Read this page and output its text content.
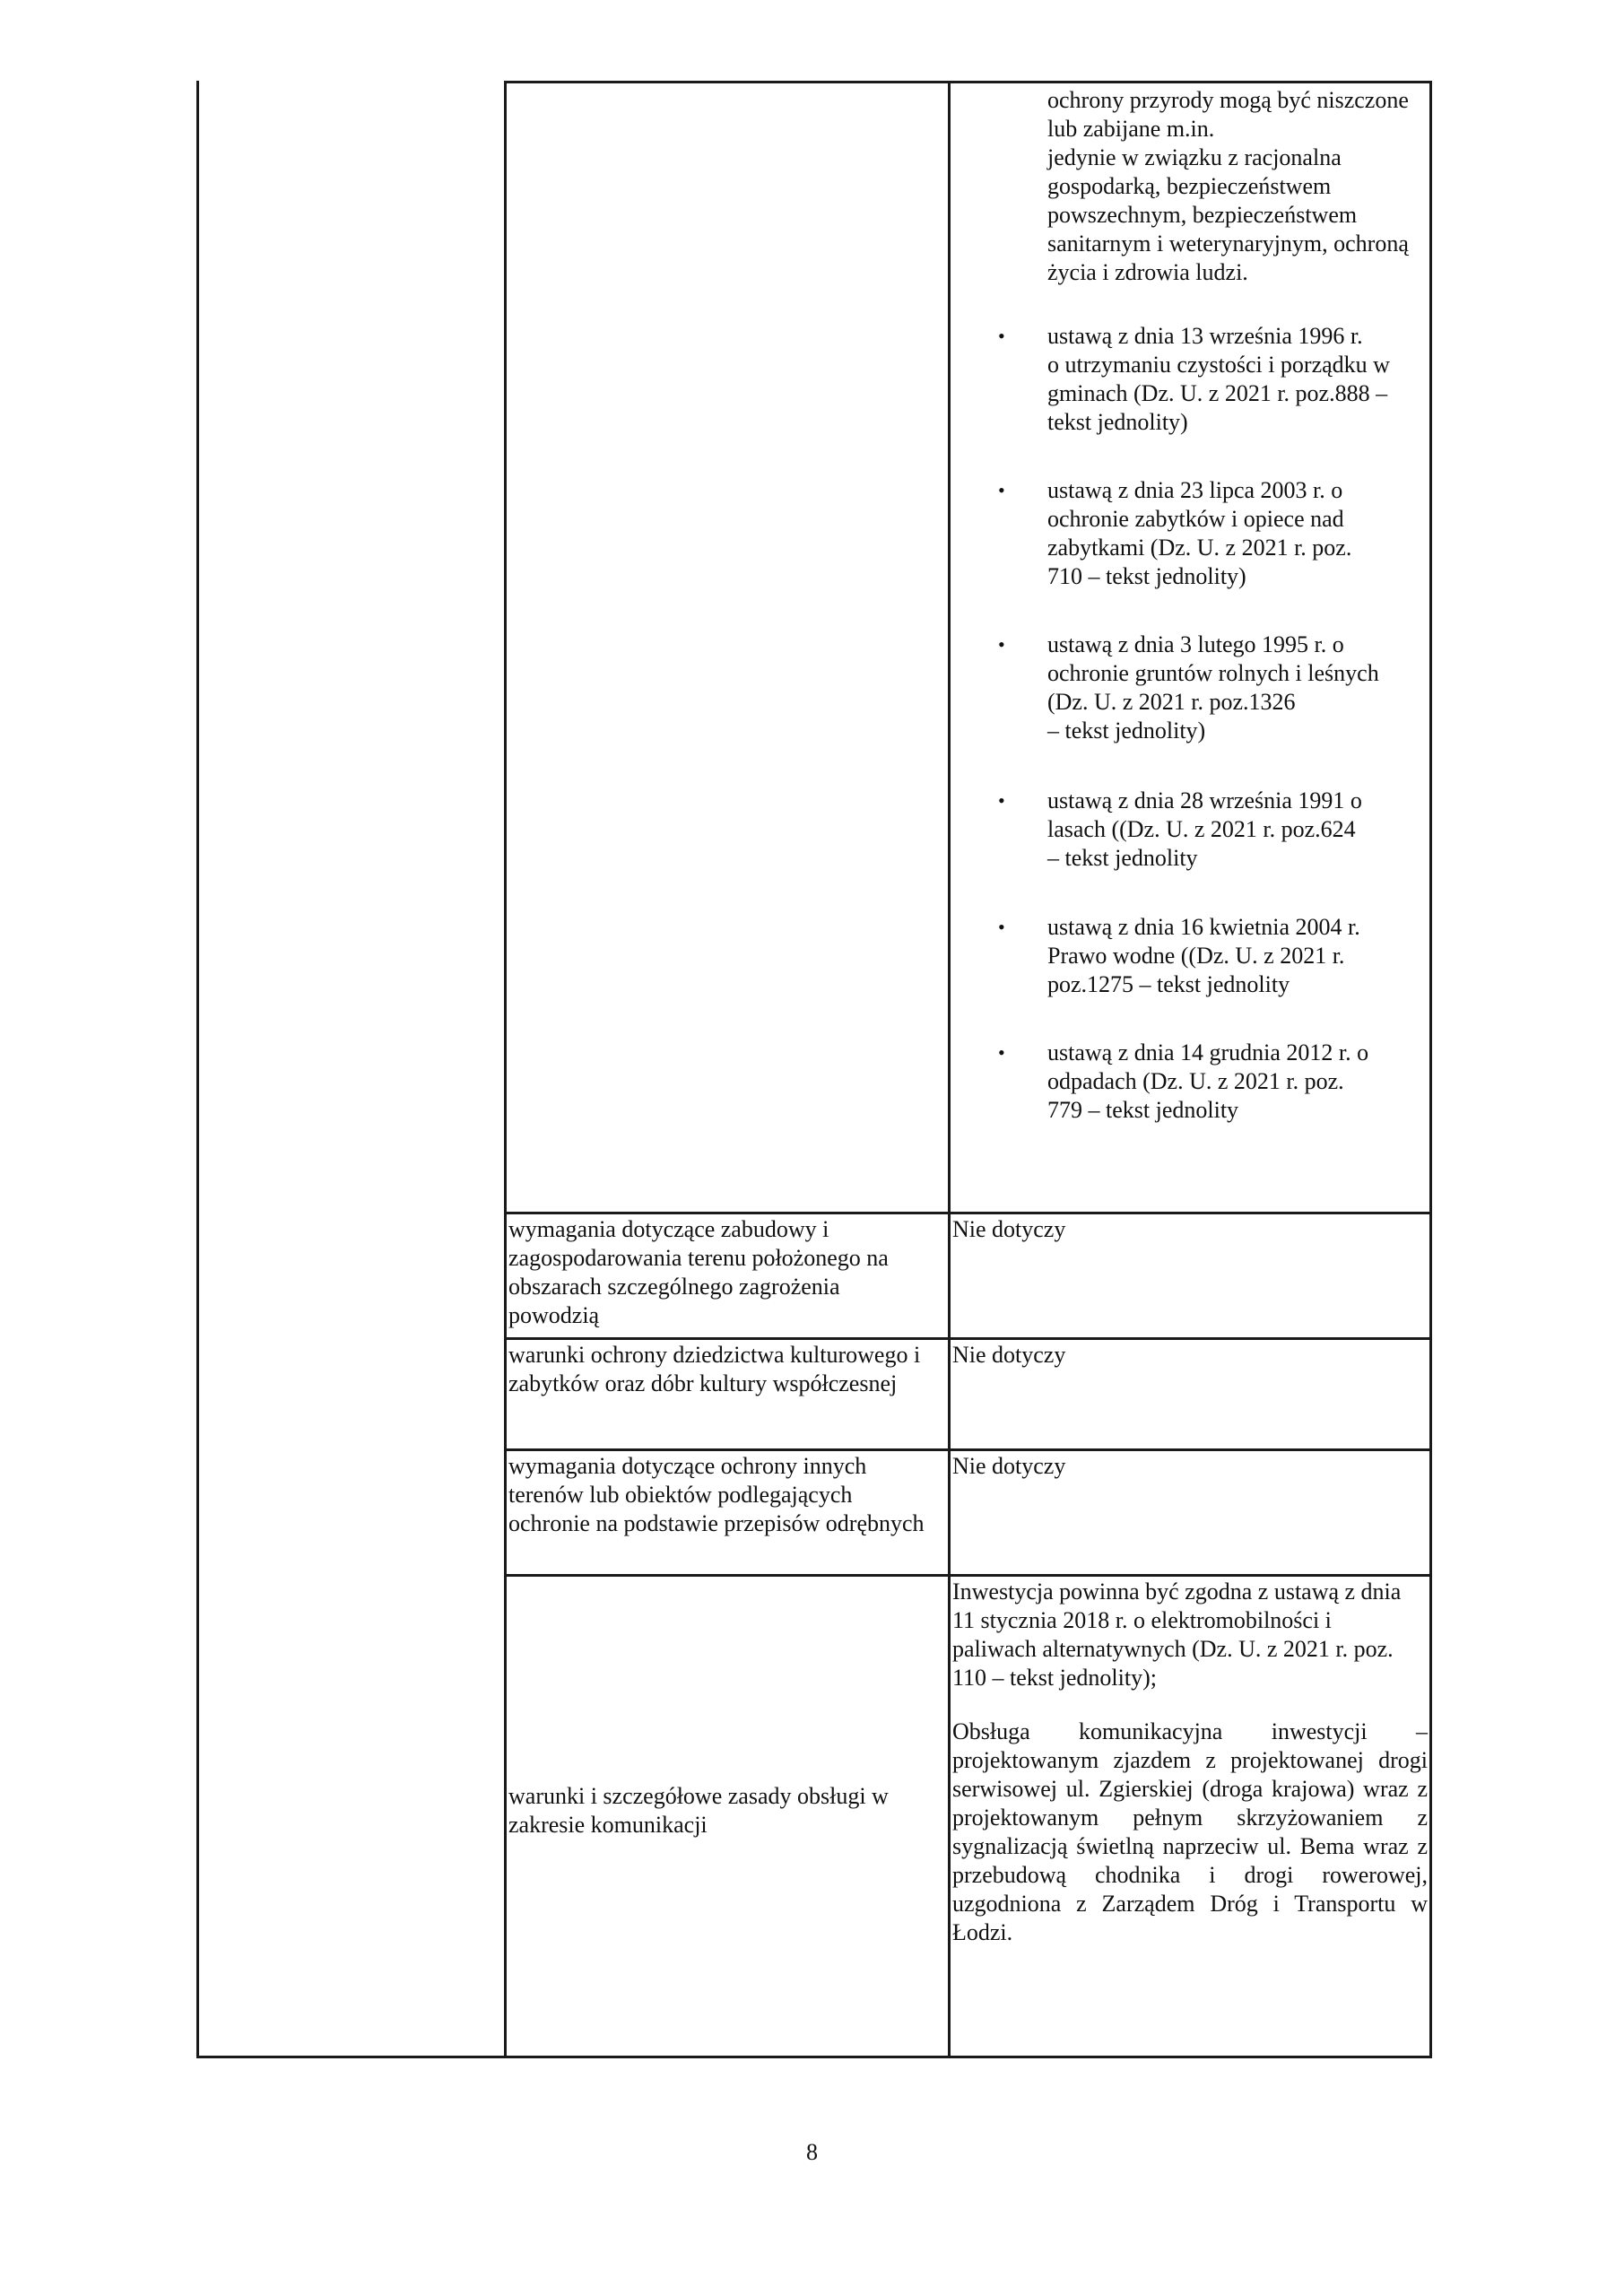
ochrony przyrody mogą być niszczone
lub zabijane m.in.
jedynie w związku z racjonalna
gospodarką, bezpieczeństwem
powszechnym, bezpieczeństwem
sanitarnym i weterynaryjnym, ochroną
życia i zdrowia ludzi.
• ustawą z dnia 13 września 1996 r.
o utrzymaniu czystości i porządku w
gminach (Dz. U. z 2021 r. poz.888 –
tekst jednolity)
• ustawą z dnia 23 lipca 2003 r. o
ochronie zabytków i opiece nad
zabytkami (Dz. U. z 2021 r. poz.
710 – tekst jednolity)
• ustawą z dnia 3 lutego 1995 r. o
ochronie gruntów rolnych i leśnych
(Dz. U. z 2021 r. poz.1326
– tekst jednolity)
• ustawą z dnia 28 września 1991 o
lasach ((Dz. U. z 2021 r. poz.624
– tekst jednolity
• ustawą z dnia 16 kwietnia 2004 r.
Prawo wodne ((Dz. U. z 2021 r.
poz.1275 – tekst jednolity
• ustawą z dnia 14 grudnia 2012 r. o
odpadach (Dz. U. z 2021 r. poz.
779 – tekst jednolity
wymagania dotyczące zabudowy i
zagospodarowania terenu położonego na
obszarach szczególnego zagrożenia
powodzią
Nie dotyczy
warunki ochrony dziedzictwa kulturowego i
zabytków oraz dóbr kultury współczesnej
Nie dotyczy
wymagania dotyczące ochrony innych
terenów lub obiektów podlegających
ochronie na podstawie przepisów odrębnych
Nie dotyczy
warunki i szczegółowe zasady obsługi w
zakresie komunikacji
Inwestycja powinna być zgodna z ustawą z dnia
11 stycznia 2018 r. o elektromobilności i
paliwach alternatywnych (Dz. U. z 2021 r. poz.
110 – tekst jednolity);
Obsługa komunikacyjna inwestycji – projektowanym zjazdem z projektowanej drogi serwisowej ul. Zgierskiej (droga krajowa) wraz z projektowanym pełnym skrzyżowaniem z sygnalizacją świetlną naprzeciw ul. Bema wraz z przebudową chodnika i drogi rowerowej, uzgodniona z Zarządem Dróg i Transportu w Łodzi.
8
